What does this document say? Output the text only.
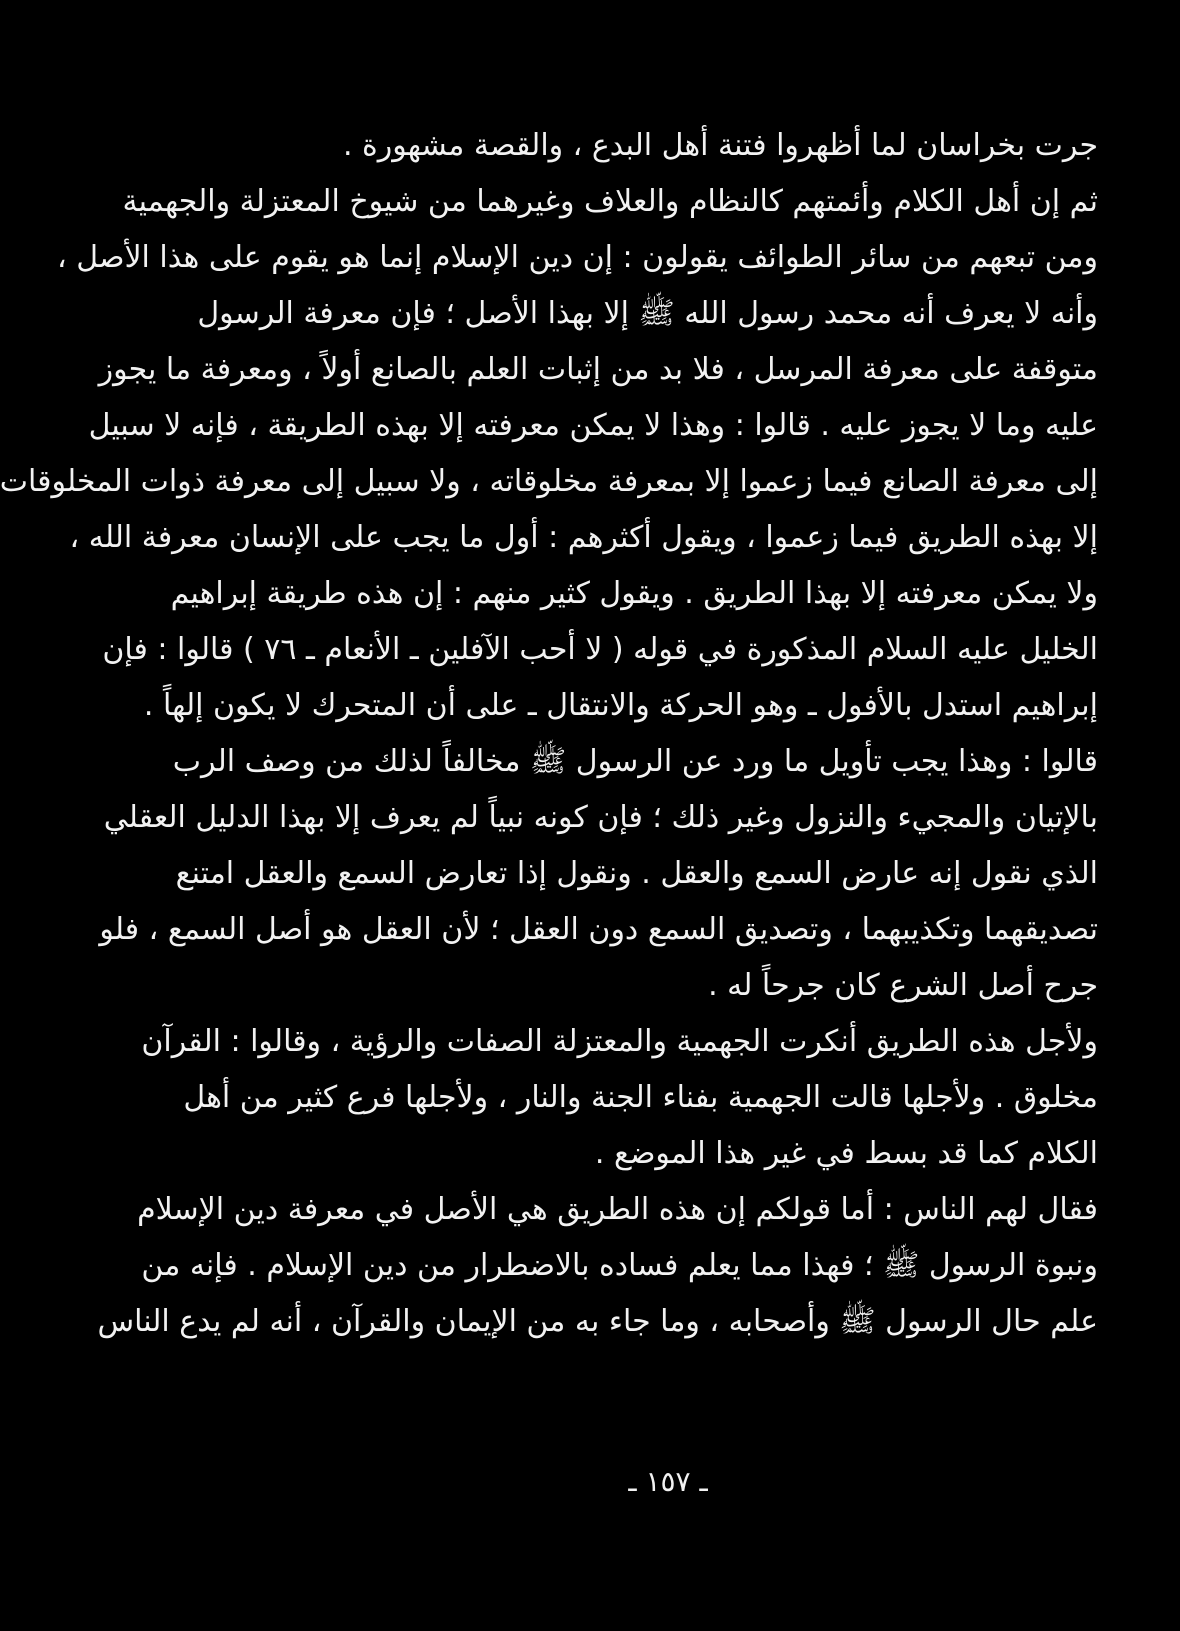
جرت بخراسان لما أظهروا فتنة أهل البدع ، والقصة مشهورة .
ثم إن أهل الكلام وأئمتهم كالنظام والعلاف وغيرهما من شيوخ المعتزلة والجهمية
ومن تبعهم من سائر الطوائف يقولون : إن دين الإسلام إنما هو يقوم على هذا الأصل ،
وأنه لا يعرف أنه محمد رسول الله ﷺ إلا بهذا الأصل ؛ فإن معرفة الرسول
متوقفة على معرفة المرسل ، فلا بد من إثبات العلم بالصانع أولاً ، ومعرفة ما يجوز
عليه وما لا يجوز عليه . قالوا : وهذا لا يمكن معرفته إلا بهذه الطريقة ، فإنه لا سبيل
إلى معرفة الصانع فيما زعموا إلا بمعرفة مخلوقاته ، ولا سبيل إلى معرفة ذوات المخلوقات
إلا بهذه الطريق فيما زعموا ، ويقول أكثرهم : أول ما يجب على الإنسان معرفة الله ،
ولا يمكن معرفته إلا بهذا الطريق . ويقول كثير منهم : إن هذه طريقة إبراهيم
الخليل عليه السلام المذكورة في قوله ( لا أحب الآفلين ـ الأنعام ـ ٧٦ ) قالوا : فإن
إبراهيم استدل بالأفول ـ وهو الحركة والانتقال ـ على أن المتحرك لا يكون إلهاً .
قالوا : وهذا يجب تأويل ما ورد عن الرسول ﷺ مخالفاً لذلك من وصف الرب
بالإتيان والمجيء والنزول وغير ذلك ؛ فإن كونه نبياً لم يعرف إلا بهذا الدليل العقلي
الذي نقول إنه عارض السمع والعقل . ونقول إذا تعارض السمع والعقل امتنع
تصديقهما وتكذيبهما ، وتصديق السمع دون العقل ؛ لأن العقل هو أصل السمع ، فلو
جرح أصل الشرع كان جرحاً له .
ولأجل هذه الطريق أنكرت الجهمية والمعتزلة الصفات والرؤية ، وقالوا : القرآن
مخلوق . ولأجلها قالت الجهمية بفناء الجنة والنار ، ولأجلها فرع كثير من أهل
الكلام كما قد بسط في غير هذا الموضع .
فقال لهم الناس : أما قولكم إن هذه الطريق هي الأصل في معرفة دين الإسلام
ونبوة الرسول ﷺ ؛ فهذا مما يعلم فساده بالاضطرار من دين الإسلام . فإنه من
علم حال الرسول ﷺ وأصحابه ، وما جاء به من الإيمان والقرآن ، أنه لم يدع الناس
ـ ١٥٧ ـ
